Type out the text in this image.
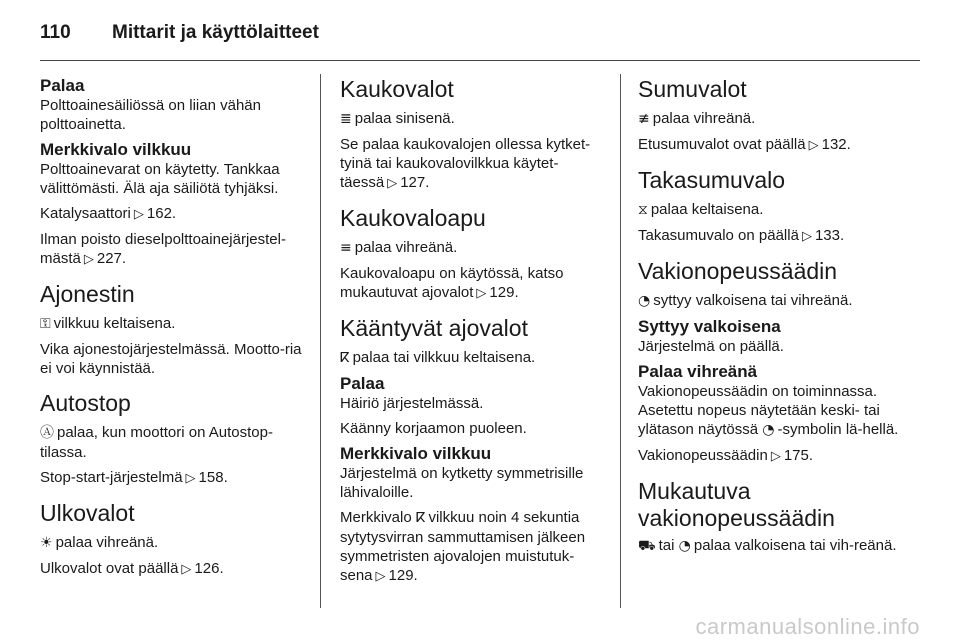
110	Mittarit ja käyttölaitteet
Palaa

Polttoainesäiliössä on liian vähän polttoainetta.

Merkkivalo vilkkuu

Polttoainevarat on käytetty. Tankkaa välittömästi. Älä aja säiliötä tyhjäksi.

Katalysaattori ▷ 162.

Ilman poisto dieselpolttoainejärjestel-mästä ▷ 227.

Ajonestin

⚿ vilkkuu keltaisena.

Vika ajonestojärjestelmässä. Mootto-ria ei voi käynnistää.

Autostop

Ⓐ palaa, kun moottori on Autostop-tilassa.

Stop-start-järjestelmä ▷ 158.

Ulkovalot

☀ palaa vihreänä.

Ulkovalot ovat päällä ▷ 126.

Kaukovalot

≣ palaa sinisenä.

Se palaa kaukovalojen ollessa kytket-tyinä tai kaukovalovilkkua käytet-täessä ▷ 127.

Kaukovaloapu

≡ palaa vihreänä.

Kaukovaloapu on käytössä, katso mukautuvat ajovalot ▷ 129.

Kääntyvät ajovalot

ⴽ palaa tai vilkkuu keltaisena.

Palaa

Häiriö järjestelmässä.

Käänny korjaamon puoleen.

Merkkivalo vilkkuu

Järjestelmä on kytketty symmetrisille lähivaloille.

Merkkivalo ⴽ vilkkuu noin 4 sekuntia sytytysvirran sammuttamisen jälkeen symmetristen ajovalojen muistutuk-sena ▷ 129.

Sumuvalot

≢ palaa vihreänä.

Etusumuvalot ovat päällä ▷ 132.

Takasumuvalo

⧖ palaa keltaisena.

Takasumuvalo on päällä ▷ 133.

Vakionopeussäädin

◔ syttyy valkoisena tai vihreänä.

Syttyy valkoisena

Järjestelmä on päällä.

Palaa vihreänä

Vakionopeussäädin on toiminnassa. Asetettu nopeus näytetään keski- tai ylätason näytössä ◔ -symbolin lä-hellä.

Vakionopeussäädin ▷ 175.

Mukautuva
vakionopeussäädin

⛟ tai ◔ palaa valkoisena tai vih-reänä.

carmanualsonline.info
